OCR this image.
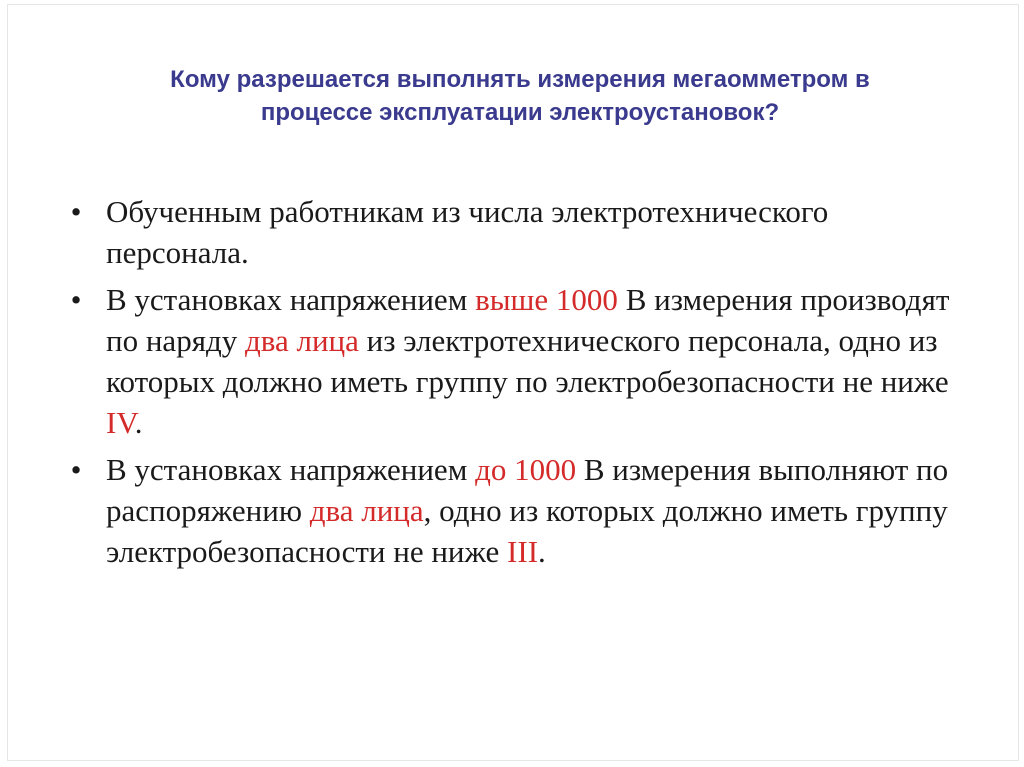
Кому разрешается выполнять измерения мегаомметром в
процессе эксплуатации электроустановок?
• Обученным работникам из числа электротехнического персонала.
• В установках напряжением выше 1000 В измерения производят по наряду два лица из электротехнического персонала, одно из которых должно иметь группу по электробезопасности не ниже IV.
• В установках напряжением до 1000 В измерения выполняют по распоряжению два лица, одно из которых должно иметь группу электробезопасности не ниже III.
